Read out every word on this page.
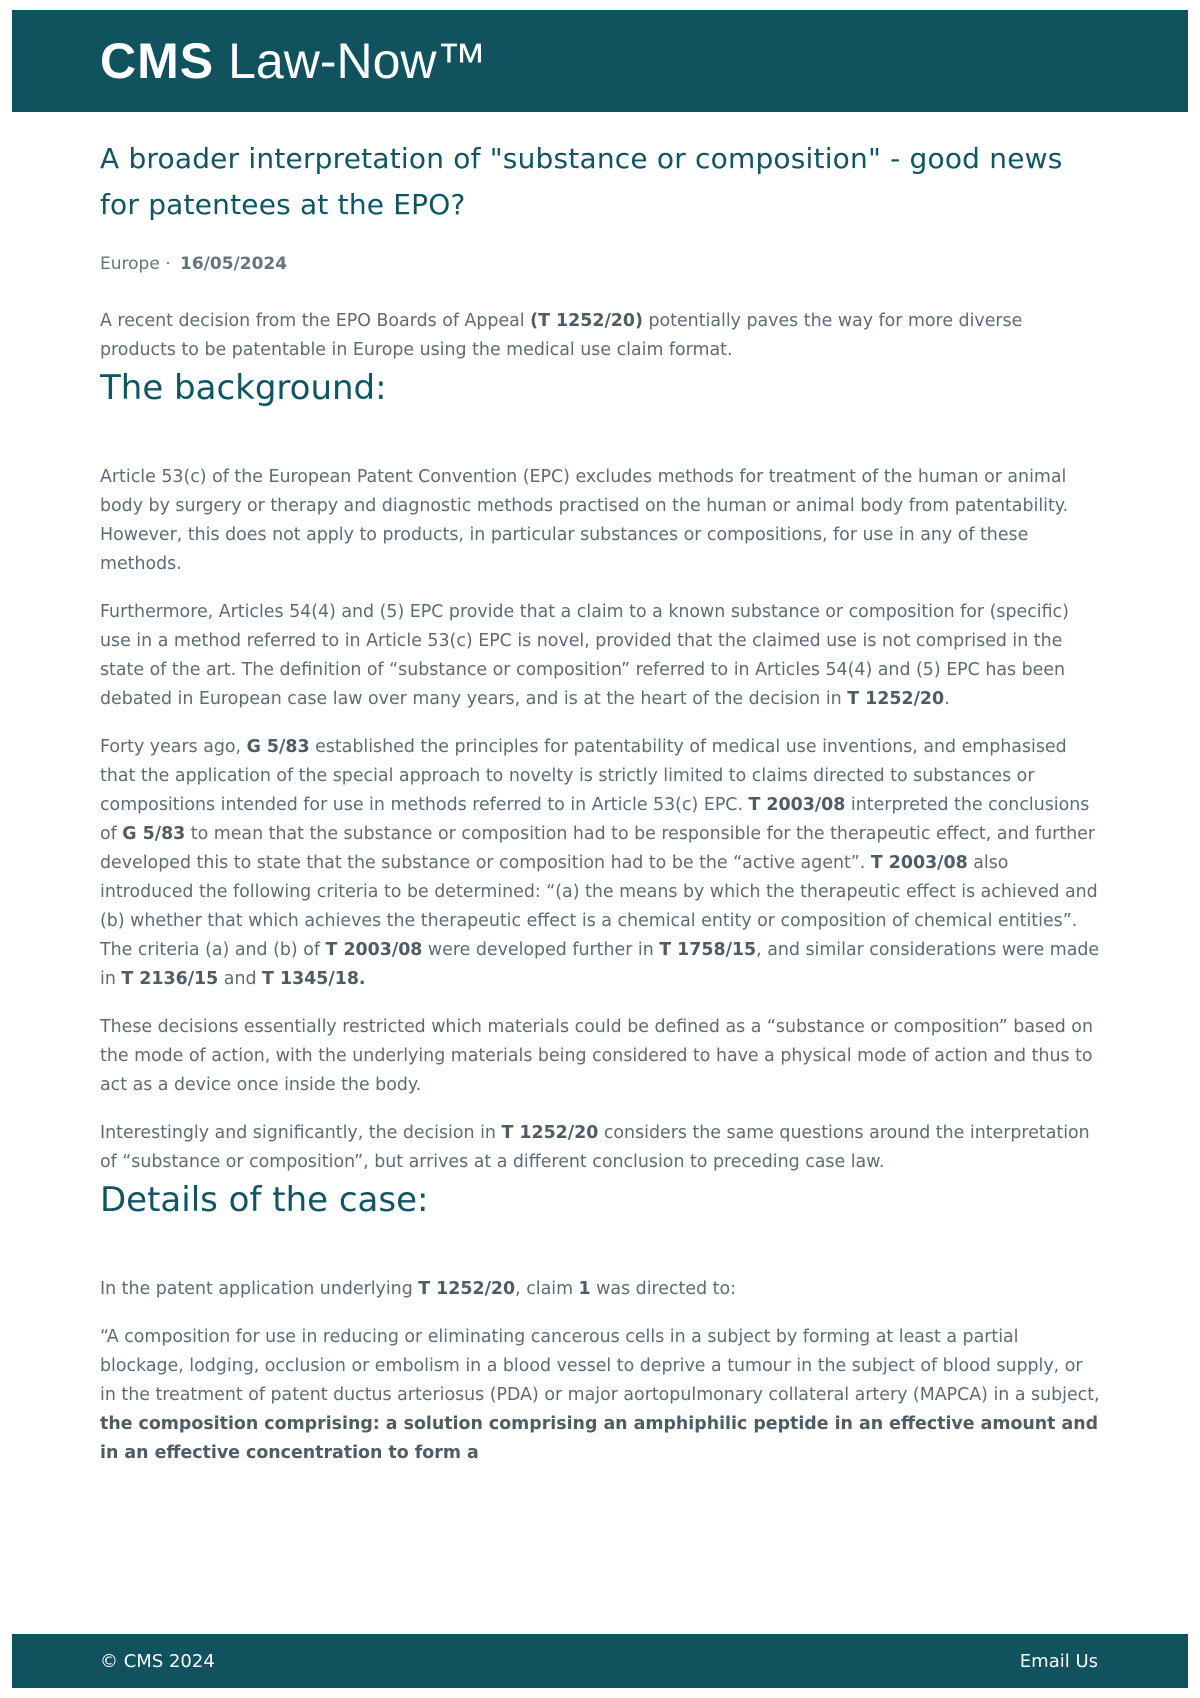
CMS Law-Now™
A broader interpretation of "substance or composition" - good news for patentees at the EPO?
Europe · 16/05/2024

A recent decision from the EPO Boards of Appeal (T 1252/20) potentially paves the way for more diverse products to be patentable in Europe using the medical use claim format.

The background:

Article 53(c) of the European Patent Convention (EPC) excludes methods for treatment of the human or animal body by surgery or therapy and diagnostic methods practised on the human or animal body from patentability. However, this does not apply to products, in particular substances or compositions, for use in any of these methods.

Furthermore, Articles 54(4) and (5) EPC provide that a claim to a known substance or composition for (specific) use in a method referred to in Article 53(c) EPC is novel, provided that the claimed use is not comprised in the state of the art. The definition of “substance or composition” referred to in Articles 54(4) and (5) EPC has been debated in European case law over many years, and is at the heart of the decision in T 1252/20.

Forty years ago, G 5/83 established the principles for patentability of medical use inventions, and emphasised that the application of the special approach to novelty is strictly limited to claims directed to substances or compositions intended for use in methods referred to in Article 53(c) EPC. T 2003/08 interpreted the conclusions of G 5/83 to mean that the substance or composition had to be responsible for the therapeutic effect, and further developed this to state that the substance or composition had to be the “active agent”. T 2003/08 also introduced the following criteria to be determined: “(a) the means by which the therapeutic effect is achieved and (b) whether that which achieves the therapeutic effect is a chemical entity or composition of chemical entities”. The criteria (a) and (b) of T 2003/08 were developed further in T 1758/15, and similar considerations were made in T 2136/15 and T 1345/18.

These decisions essentially restricted which materials could be defined as a “substance or composition” based on the mode of action, with the underlying materials being considered to have a physical mode of action and thus to act as a device once inside the body.

Interestingly and significantly, the decision in T 1252/20 considers the same questions around the interpretation of “substance or composition”, but arrives at a different conclusion to preceding case law.

Details of the case:

In the patent application underlying T 1252/20, claim 1 was directed to:

“A composition for use in reducing or eliminating cancerous cells in a subject by forming at least a partial blockage, lodging, occlusion or embolism in a blood vessel to deprive a tumour in the subject of blood supply, or in the treatment of patent ductus arteriosus (PDA) or major aortopulmonary collateral artery (MAPCA) in a subject, the composition comprising: a solution comprising an amphiphilic peptide in an effective amount and in an effective concentration to form a

© CMS 2024	Email Us
